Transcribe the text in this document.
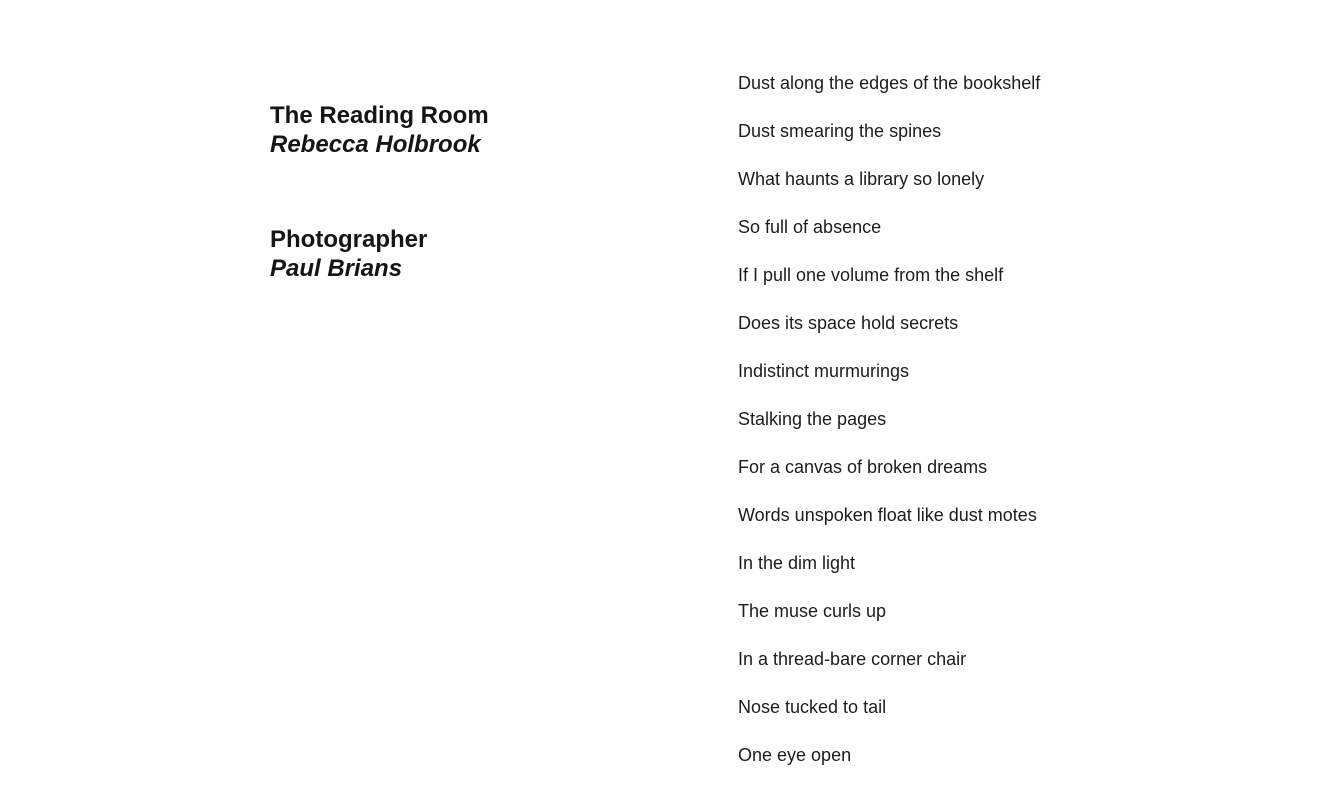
The Reading Room
Rebecca Holbrook
Photographer
Paul Brians
Dust along the edges of the bookshelf
Dust smearing the spines
What haunts a library so lonely
So full of absence
If I pull one volume from the shelf
Does its space hold secrets
Indistinct murmurings
Stalking the pages
For a canvas of broken dreams
Words unspoken float like dust motes
In the dim light
The muse curls up
In a thread-bare corner chair
Nose tucked to tail
One eye open
